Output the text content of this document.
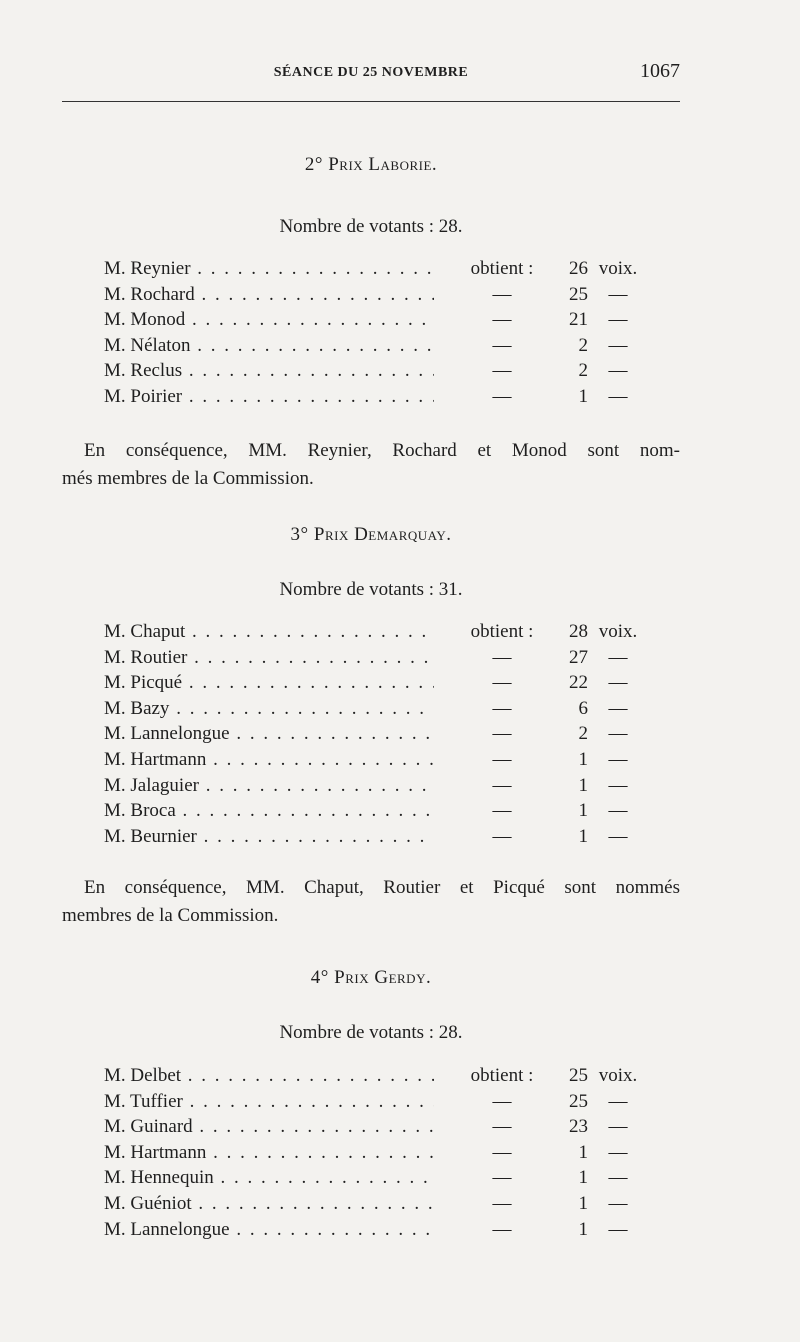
SÉANCE DU 25 NOVEMBRE	1067
2° Prix Laborie.
Nombre de votants : 28.
M. Reynier . . .	obtient :	26 voix.
M. Rochard . . .	—	25	—
M. Monod . . .	—	21	—
M. Nélaton . . .	—	2	—
M. Reclus . . .	—	2	—
M. Poirier . . .	—	1	—
En conséquence, MM. Reynier, Rochard et Monod sont nom-
més membres de la Commission.
3° Prix Demarquay.
Nombre de votants : 31.
M. Chaput . . .	obtient :	28 voix.
M. Routier . . .	—	27	—
M. Picqué . . .	—	22	—
M. Bazy . . .	—	6	—
M. Lannelongue . . .	—	2	—
M. Hartmann . . .	—	1	—
M. Jalaguier . . .	—	1	—
M. Broca . . .	—	1	—
M. Beurnier . . .	—	1	—
En conséquence, MM. Chaput, Routier et Picqué sont nommés
membres de la Commission.
4° Prix Gerdy.
Nombre de votants : 28.
M. Delbet . . .	obtient :	25 voix.
M. Tuffier . . .	—	25	—
M. Guinard . . .	—	23	—
M. Hartmann . . .	—	1	—
M. Hennequin . . .	—	1	—
M. Guéniot . . .	—	1	—
M. Lannelongue . . .	—	1	—
